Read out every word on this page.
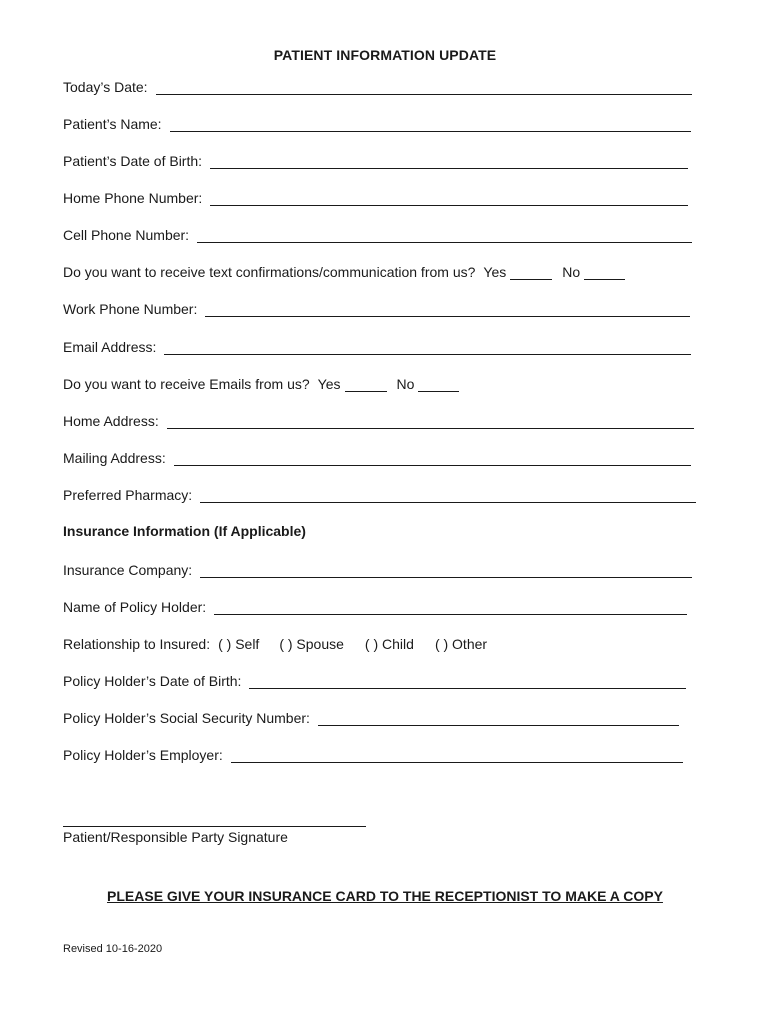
PATIENT INFORMATION UPDATE
Today’s Date:
Patient’s Name:
Patient’s Date of Birth:
Home Phone Number:
Cell Phone Number:
Do you want to receive text confirmations/communication from us? Yes	No
Work Phone Number:
Email Address:
Do you want to receive Emails from us? Yes	No
Home Address:
Mailing Address:
Preferred Pharmacy:
Insurance Information (If Applicable)
Insurance Company:
Name of Policy Holder:
Relationship to Insured: ( ) Self ( ) Spouse ( ) Child ( ) Other
Policy Holder’s Date of Birth:
Policy Holder’s Social Security Number:
Policy Holder’s Employer:
Patient/Responsible Party Signature
PLEASE GIVE YOUR INSURANCE CARD TO THE RECEPTIONIST TO MAKE A COPY
Revised 10-16-2020
